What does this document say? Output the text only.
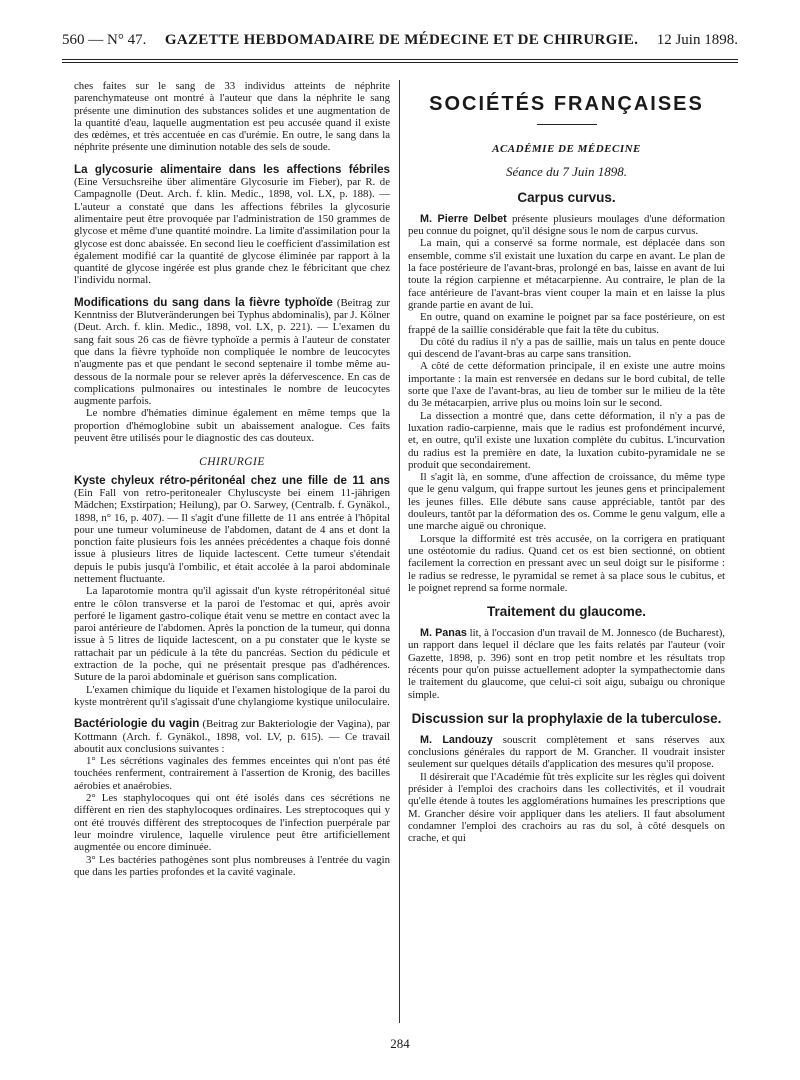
560 — N° 47. GAZETTE HEBDOMADAIRE DE MÉDECINE ET DE CHIRURGIE. 12 Juin 1898.

ches faites sur le sang de 33 individus atteints de néphrite parenchymateuse ont montré à l'auteur que dans la néphrite le sang présente une diminution des substances solides et une augmentation de la quantité d'eau, laquelle augmentation est peu accusée quand il existe des œdèmes, et très accentuée en cas d'urémie. En outre, le sang dans la néphrite présente une diminution notable des sels de soude.

La glycosurie alimentaire dans les affections fébriles (Eine Versuchsreihe über alimentäre Glycosurie im Fieber), par R. de Campagnolle (Deut. Arch. f. klin. Medic., 1898, vol. LX, p. 188). — L'auteur a constaté que dans les affections fébriles la glycosurie alimentaire peut être provoquée par l'administration de 150 grammes de glycose et même d'une quantité moindre. La limite d'assimilation pour la glycose est donc abaissée. En second lieu le coefficient d'assimilation est également modifié car la quantité de glycose éliminée par rapport à la quantité de glycose ingérée est plus grande chez le fébricitant que chez l'individu normal.

Modifications du sang dans la fièvre typhoïde (Beitrag zur Kenntniss der Blutveränderungen bei Typhus abdominalis), par J. Kölner (Deut. Arch. f. klin. Medic., 1898, vol. LX, p. 221). — L'examen du sang fait sous 26 cas de fièvre typhoïde a permis à l'auteur de constater que dans la fièvre typhoïde non compliquée le nombre de leucocytes n'augmente pas et que pendant le second septenaire il tombe même au-dessous de la normale pour se relever après la défervescence. En cas de complications pulmonaires ou intestinales le nombre de leucocytes augmente parfois.

Le nombre d'hématies diminue également en même temps que la proportion d'hémoglobine subit un abaissement analogue. Ces faits peuvent être utilisés pour le diagnostic des cas douteux.

CHIRURGIE

Kyste chyleux rétro-péritonéal chez une fille de 11 ans (Ein Fall von retro-peritonealer Chyluscyste bei einem 11-jährigen Mädchen; Exstirpation; Heilung), par O. Sarwey, (Centralb. f. Gynäkol., 1898, n° 16, p. 407). — Il s'agit d'une fillette de 11 ans entrée à l'hôpital pour une tumeur volumineuse de l'abdomen, datant de 4 ans et dont la ponction faite plusieurs fois les années précédentes a chaque fois donné issue à plusieurs litres de liquide lactescent. Cette tumeur s'étendait depuis le pubis jusqu'à l'ombilic, et était accolée à la paroi abdominale nettement fluctuante.

La laparotomie montra qu'il agissait d'un kyste rétropéritonéal situé entre le côlon transverse et la paroi de l'estomac et qui, après avoir perforé le ligament gastro-colique était venu se mettre en contact avec la paroi antérieure de l'abdomen. Après la ponction de la tumeur, qui donna issue à 5 litres de liquide lactescent, on a pu constater que le kyste se rattachait par un pédicule à la tête du pancréas. Section du pédicule et extraction de la poche, qui ne présentait presque pas d'adhérences. Suture de la paroi abdominale et guérison sans complication.

L'examen chimique du liquide et l'examen histologique de la paroi du kyste montrèrent qu'il s'agissait d'une chylangiome kystique uniloculaire.

Bactériologie du vagin (Beitrag zur Bakteriologie der Vagina), par Kottmann (Arch. f. Gynäkol., 1898, vol. LV, p. 615). — Ce travail aboutit aux conclusions suivantes :

1° Les sécrétions vaginales des femmes enceintes qui n'ont pas été touchées renferment, contrairement à l'assertion de Kronig, des bacilles aérobies et anaérobies.

2° Les staphylocoques qui ont été isolés dans ces sécrétions ne diffèrent en rien des staphylocoques ordinaires. Les streptocoques qui y ont été trouvés diffèrent des streptocoques de l'infection puerpérale par leur moindre virulence, laquelle virulence peut être artificiellement augmentée ou encore diminuée.

3° Les bactéries pathogènes sont plus nombreuses à l'entrée du vagin que dans les parties profondes et la cavité vaginale.

SOCIÉTÉS FRANÇAISES
ACADÉMIE DE MÉDECINE
Séance du 7 Juin 1898.
Carpus curvus.

M. Pierre Delbet présente plusieurs moulages d'une déformation peu connue du poignet, qu'il désigne sous le nom de carpus curvus.

La main, qui a conservé sa forme normale, est déplacée dans son ensemble, comme s'il existait une luxation du carpe en avant. Le plan de la face postérieure de l'avant-bras, prolongé en bas, laisse en avant de lui toute la région carpienne et métacarpienne. Au contraire, le plan de la face antérieure de l'avant-bras vient couper la main et en laisse la plus grande partie en avant de lui.

En outre, quand on examine le poignet par sa face postérieure, on est frappé de la saillie considérable que fait la tête du cubitus.

Du côté du radius il n'y a pas de saillie, mais un talus en pente douce qui descend de l'avant-bras au carpe sans transition.

A côté de cette déformation principale, il en existe une autre moins importante : la main est renversée en dedans sur le bord cubital, de telle sorte que l'axe de l'avant-bras, au lieu de tomber sur le milieu de la tête du 3e métacarpien, arrive plus ou moins loin sur le second.

La dissection a montré que, dans cette déformation, il n'y a pas de luxation radio-carpienne, mais que le radius est profondément incurvé, et, en outre, qu'il existe une luxation complète du cubitus. L'incurvation du radius est la première en date, la luxation cubito-pyramidale ne se produit que secondairement.

Il s'agit là, en somme, d'une affection de croissance, du même type que le genu valgum, qui frappe surtout les jeunes gens et principalement les jeunes filles. Elle débute sans cause appréciable, tantôt par des douleurs, tantôt par la déformation des os. Comme le genu valgum, elle a une marche aiguë ou chronique.

Lorsque la difformité est très accusée, on la corrigera en pratiquant une ostéotomie du radius. Quand cet os est bien sectionné, on obtient facilement la correction en pressant avec un seul doigt sur le pisiforme : le radius se redresse, le pyramidal se remet à sa place sous le cubitus, et le poignet reprend sa forme normale.

Traitement du glaucome.

M. Panas lit, à l'occasion d'un travail de M. Jonnesco (de Bucharest), un rapport dans lequel il déclare que les faits relatés par l'auteur (voir Gazette, 1898, p. 396) sont en trop petit nombre et les résultats trop récents pour qu'on puisse actuellement adopter la sympathectomie dans le traitement du glaucome, que celui-ci soit aigu, subaigu ou chronique simple.

Discussion sur la prophylaxie de la tuberculose.

M. Landouzy souscrit complètement et sans réserves aux conclusions générales du rapport de M. Grancher. Il voudrait insister seulement sur quelques détails d'application des mesures qu'il propose.

Il désirerait que l'Académie fût très explicite sur les règles qui doivent présider à l'emploi des crachoirs dans les collectivités, et il voudrait qu'elle étende à toutes les agglomérations humaines les prescriptions que M. Grancher désire voir appliquer dans les ateliers. Il faut absolument condamner l'emploi des crachoirs au ras du sol, à côté desquels on crache, et qui

284
